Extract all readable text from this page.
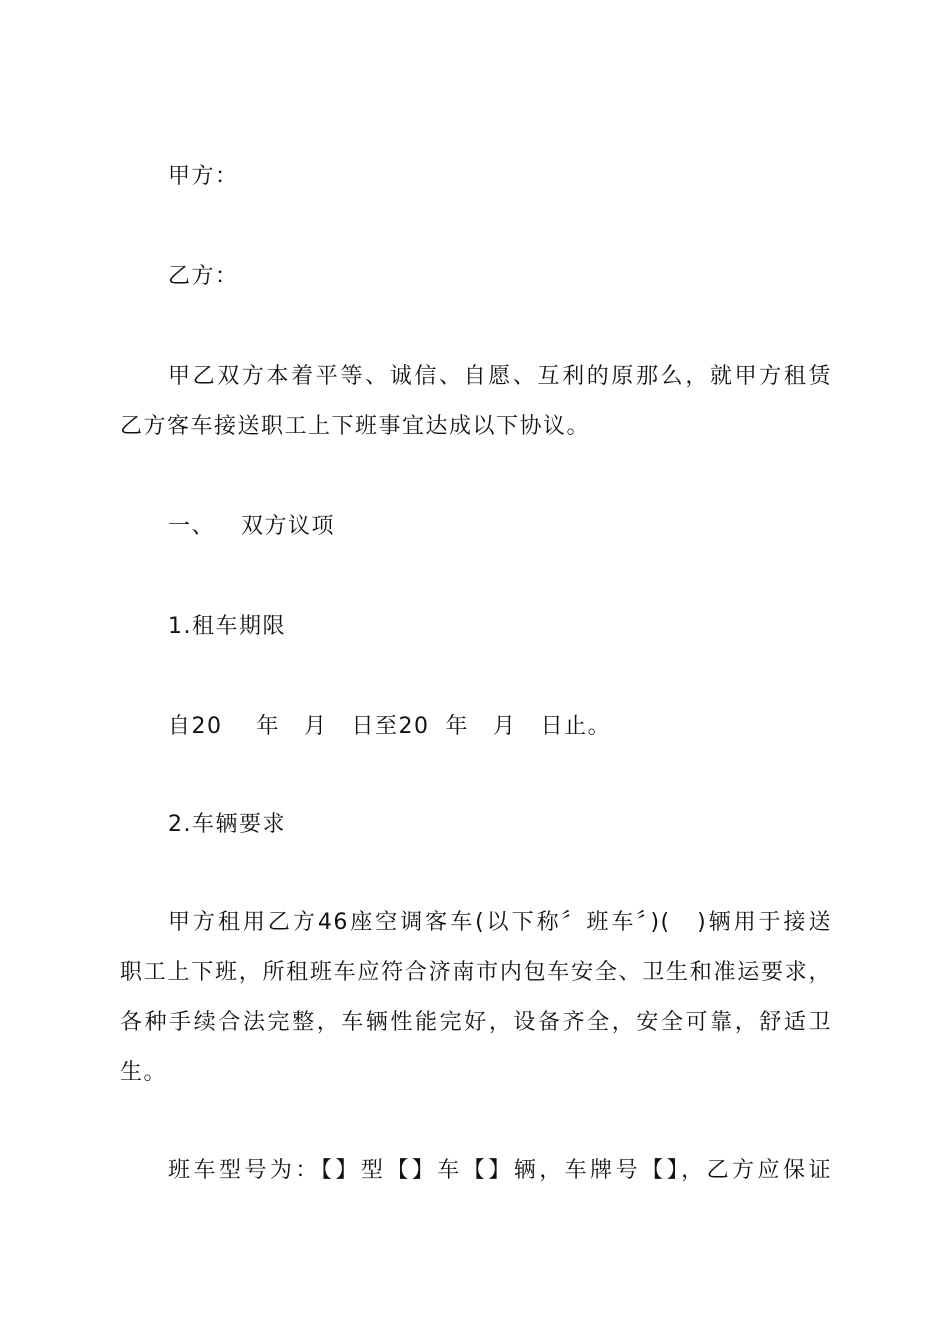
甲方：
乙方：
甲乙双方本着平等、诚信、自愿、互利的原那么，就甲方租赁
乙方客车接送职工上下班事宜达成以下协议。
一、 双方议项
1.租车期限
自20 年 月 日至20 年 月 日止。
2.车辆要求
甲方租用乙方46座空调客车(以下称〞班车〞)(　)辆用于接送
职工上下班，所租班车应符合济南市内包车安全、卫生和准运要求，
各种手续合法完整，车辆性能完好，设备齐全，安全可靠，舒适卫
生。
班车型号为：【】型【】车【】辆，车牌号【】，乙方应保证
